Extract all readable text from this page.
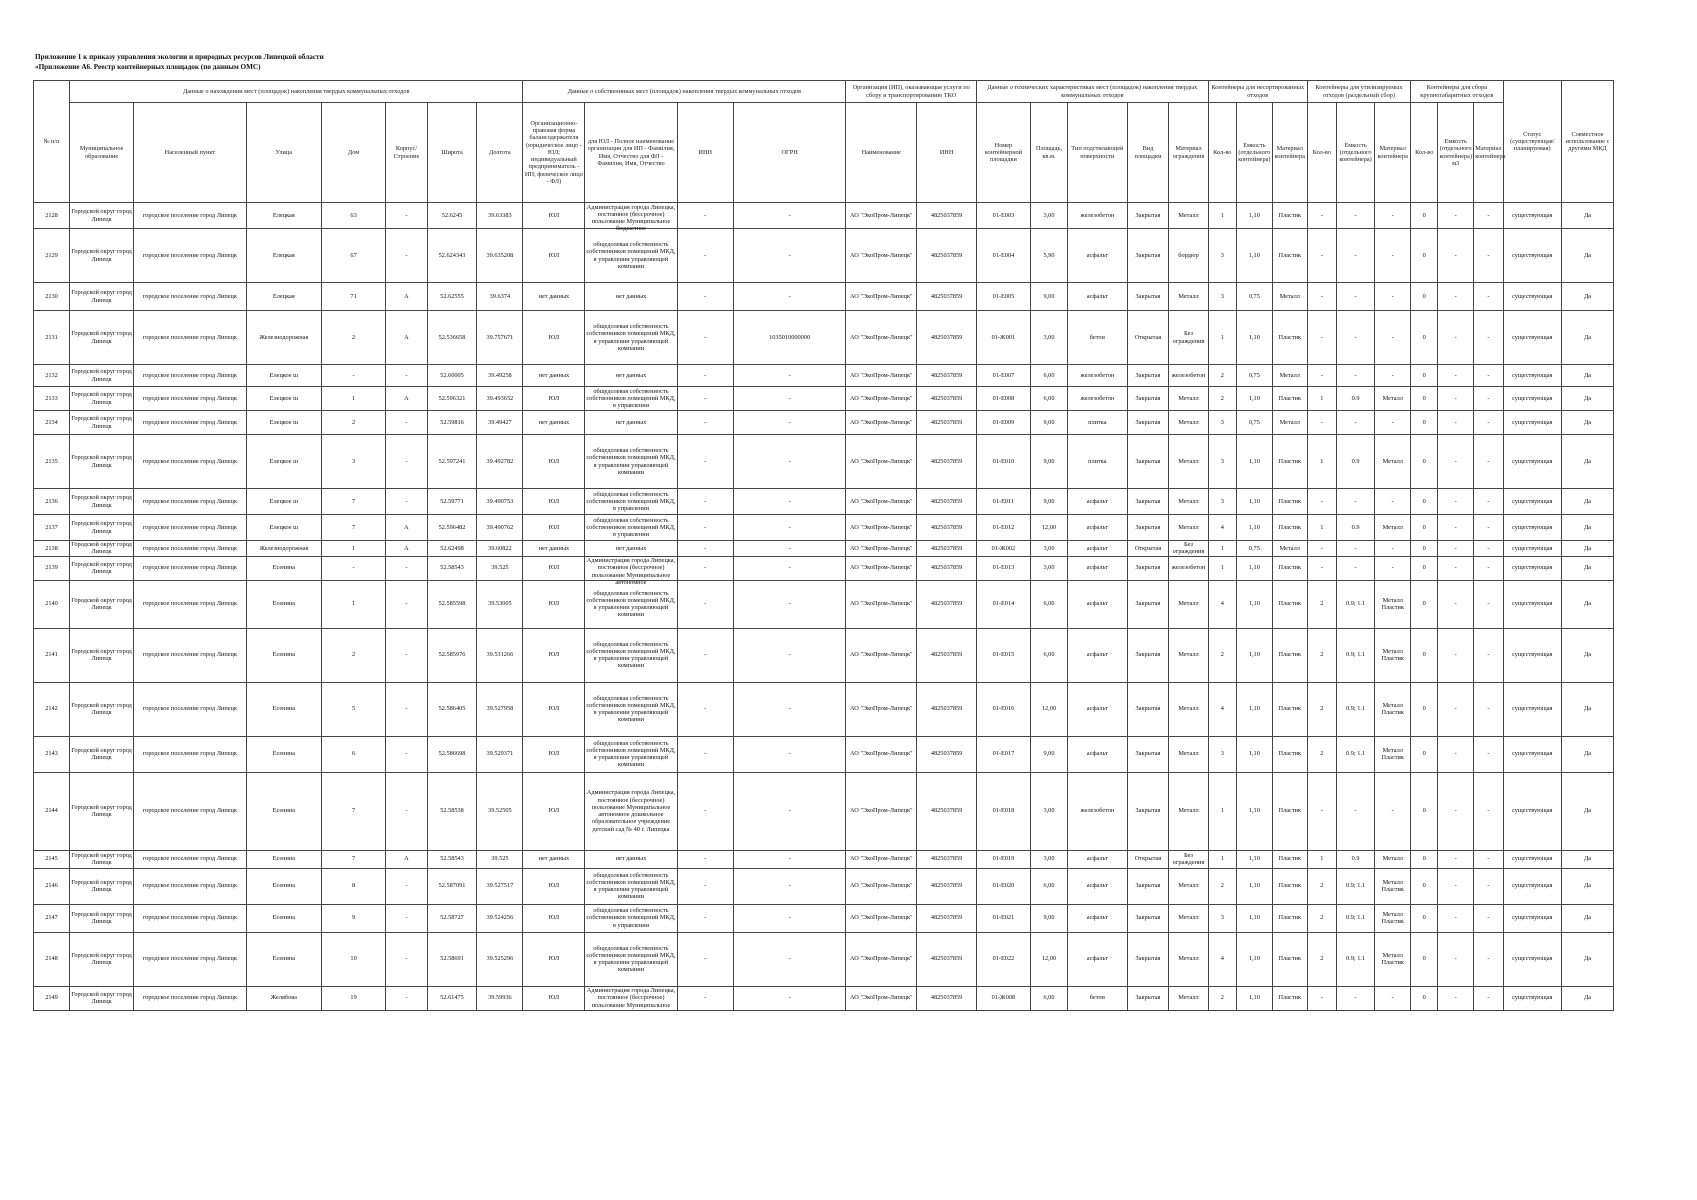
Приложение 1 к приказу управления экологии и природных ресурсов Липецкой области
«Приложение А6. Реестр контейнерных площадок (по данным ОМС)
№ п/п	Данные о нахождении мест (площадок) накопления твердых коммунальных отходов							Данные о собственниках мест (площадок) накопления твердых коммунальных отходов				Организация (ИП), оказывающая услуги по сбору и транспортированию ТКО		Данные о технических характеристиках мест (площадок) накопления твердых коммунальных отходов					Контейнеры для несортированных отходов			Контейнеры для утилизируемых отходов (раздельный сбор)			Контейнеры для сбора крупногабаритных отходов			Статус (существующая/ планируемая)	Совместное использование с другими МКД
	Муниципальное образование	Населенный пункт	Улица	Дом	Корпус/Строение	Широта	Долгота	Организационно-правовая форма балансодержателя (юридическое лицо - ЮЛ; индивидуальный предприниматель - ИП; физическое лицо - ФЛ)	для ЮЛ - Полное наименование организации для ИП - Фамилия, Имя, Отчество для ФЛ - Фамилия, Имя, Отчество	ИНН	ОГРН	Наименование	ИНН	Номер контейнерной площадки	Площадь, кв.м.	Тип подстилающей поверхности	Вид площадки	Материал ограждения	Кол-во	Емкость (отдельного контейнера)	Материал контейнера	Кол-во	Емкость (отдельного контейнера)	Материал контейнера	Кол-во	Емкость (отдельного контейнера) м3	Материал контейнера		
2128	Городской округ город Липецк	городское поселение город Липецк	Елецкая	63	-	52.6245	39.63383	ЮЛ	Администрация города Липецка, постоянное (бессрочное) пользование Муниципальное бюджетное	-	-	АО "ЭкоПром-Липецк"	4825037859	01-Е003	3,00	железобетон	Закрытая	Металл	1	1,10	Пластик	-	-	-	0	-	-	существующая	Да
2129	Городской округ город Липецк	городское поселение город Липецк	Елецкая	67	-	52.624343	39.635208	ЮЛ	общедолевая собственность собственников помещений МКД, в управлении управляющей компании	-	-	АО "ЭкоПром-Липецк"	4825037859	01-Е004	5,90	асфальт	Закрытая	бордюр	3	1,10	Пластик	-	-	-	0	-	-	существующая	Да
2130	Городской округ город Липецк	городское поселение город Липецк	Елецкая	71	А	52.62555	39.6374	нет данных	нет данных	-	-	АО "ЭкоПром-Липецк"	4825037859	01-Е005	9,00	асфальт	Закрытая	Металл	3	0,75	Металл	-	-	-	0	-	-	существующая	Да
2131	Городской округ город Липецк	городское поселение город Липецк	Железнодорожная	2	А	52.536658	39.757671	ЮЛ	общедолевая собственность собственников помещений МКД, в управлении управляющей компании	-	1035010000000	АО "ЭкоПром-Липецк"	4825037859	01-Ж001	3,00	бетон	Открытая	Без ограждения	1	1,10	Пластик	-	-	-	0	-	-	существующая	Да
2132	Городской округ город Липецк	городское поселение город Липецк	Елецкое ш	-	-	52.60005	39.49258	нет данных	нет данных	-	-	АО "ЭкоПром-Липецк"	4825037859	01-Е007	6,00	железобетон	Закрытая	железобетон	2	0,75	Металл	-	-	-	0	-	-	существующая	Да
2133	Городской округ город Липецк	городское поселение город Липецк	Елецкое ш	1	А	52.596321	39.493652	ЮЛ	общедолевая собственность собственников помещений МКД, в управлении	-	-	АО "ЭкоПром-Липецк"	4825037859	01-Е008	6,00	железобетон	Закрытая	Металл	2	1,10	Пластик	1	0.9	Металл	0	-	-	существующая	Да
2134	Городской округ город Липецк	городское поселение город Липецк	Елецкое ш	2	-	52.59816	39.49427	нет данных	нет данных	-	-	АО "ЭкоПром-Липецк"	4825037859	01-Е009	9,00	плитка	Закрытая	Металл	3	0,75	Металл	-	-	-	0	-	-	существующая	Да
2135	Городской округ город Липецк	городское поселение город Липецк	Елецкое ш	3	-	52.597241	39.492782	ЮЛ	общедолевая собственность собственников помещений МКД, в управлении управляющей компании	-	-	АО "ЭкоПром-Липецк"	4825037859	01-Е010	9,00	плитка	Закрытая	Металл	3	1,10	Пластик	1	0.9	Металл	0	-	-	существующая	Да
2136	Городской округ город Липецк	городское поселение город Липецк	Елецкое ш	7	-	52.59771	39.490753	ЮЛ	общедолевая собственность собственников помещений МКД, в управлении	-	-	АО "ЭкоПром-Липецк"	4825037859	01-Е011	9,00	асфальт	Закрытая	Металл	3	1,10	Пластик	-	-	-	0	-	-	существующая	Да
2137	Городской округ город Липецк	городское поселение город Липецк	Елецкое ш	7	А	52.596482	39.490762	ЮЛ	общедолевая собственность собственников помещений МКД, в управлении	-	-	АО "ЭкоПром-Липецк"	4825037859	01-Е012	12,00	асфальт	Закрытая	Металл	4	1,10	Пластик	1	0.9	Металл	0	-	-	существующая	Да
2138	Городской округ город Липецк	городское поселение город Липецк	Железнодорожная	1	А	52.62498	39.60822	нет данных	нет данных	-	-	АО "ЭкоПром-Липецк"	4825037859	01-Ж002	3,00	асфальт	Открытая	Без ограждения	1	0,75	Металл	-	-	-	0	-	-	существующая	Да
2139	Городской округ город Липецк	городское поселение город Липецк	Есенина	-	-	52.58543	39.525	ЮЛ	Администрация города Липецка, постоянное (бессрочное) пользование Муниципальное автономное	-	-	АО "ЭкоПром-Липецк"	4825037859	01-Е013	3,00	асфальт	Закрытая	железобетон	1	1,10	Пластик	-	-	-	0	-	-	существующая	Да
2140	Городской округ город Липецк	городское поселение город Липецк	Есенина	1	-	52.585598	39.53005	ЮЛ	общедолевая собственность собственников помещений МКД, в управлении управляющей компании	-	-	АО "ЭкоПром-Липецк"	4825037859	01-Е014	6,00	асфальт	Закрытая	Металл	4	1,10	Пластик	2	0.9; 1.1	Металл Пластик	0	-	-	существующая	Да
2141	Городской округ город Липецк	городское поселение город Липецк	Есенина	2	-	52.585976	39.531266	ЮЛ	общедолевая собственность собственников помещений МКД, в управлении управляющей компании	-	-	АО "ЭкоПром-Липецк"	4825037859	01-Е015	6,00	асфальт	Закрытая	Металл	2	1,10	Пластик	2	0.9; 1.1	Металл Пластик	0	-	-	существующая	Да
2142	Городской округ город Липецк	городское поселение город Липецк	Есенина	5	-	52.586405	39.527958	ЮЛ	общедолевая собственность собственников помещений МКД, в управлении управляющей компании	-	-	АО "ЭкоПром-Липецк"	4825037859	01-Е016	12,00	асфальт	Закрытая	Металл	4	1,10	Пластик	2	0.9; 1.1	Металл Пластик	0	-	-	существующая	Да
2143	Городской округ город Липецк	городское поселение город Липецк	Есенина	6	-	52.586698	39.529371	ЮЛ	общедолевая собственность собственников помещений МКД, в управлении управляющей компании	-	-	АО "ЭкоПром-Липецк"	4825037859	01-Е017	9,00	асфальт	Закрытая	Металл	3	1,10	Пластик	2	0.9; 1.1	Металл Пластик	0	-	-	существующая	Да
2144	Городской округ город Липецк	городское поселение город Липецк	Есенина	7	-	52.58538	39.52505	ЮЛ	Администрация города Липецка, постоянное (бессрочное) пользование Муниципальное автономное дошкольное образовательное учреждение детский сад № 40 г. Липецка	-	-	АО "ЭкоПром-Липецк"	4825037859	01-Е018	3,00	железобетон	Закрытая	Металл	1	1,10	Пластик	-	-	-	0	-	-	существующая	Да
2145	Городской округ город Липецк	городское поселение город Липецк	Есенина	7	А	52.58543	39.525	нет данных	нет данных	-	-	АО "ЭкоПром-Липецк"	4825037859	01-Е019	3,00	асфальт	Открытая	Без ограждения	1	1,10	Пластик	1	0.9	Металл	0	-	-	существующая	Да
2146	Городской округ город Липецк	городское поселение город Липецк	Есенина	8	-	52.587091	39.527517	ЮЛ	общедолевая собственность собственников помещений МКД, в управлении управляющей компании	-	-	АО "ЭкоПром-Липецк"	4825037859	01-Е020	6,00	асфальт	Закрытая	Металл	2	1,10	Пластик	2	0.9; 1.1	Металл Пластик	0	-	-	существующая	Да
2147	Городской округ город Липецк	городское поселение город Липецк	Есенина	9	-	52.58727	39.524256	ЮЛ	общедолевая собственность собственников помещений МКД, в управлении	-	-	АО "ЭкоПром-Липецк"	4825037859	01-Е021	9,00	асфальт	Закрытая	Металл	3	1,10	Пластик	2	0.9; 1.1	Металл Пластик	0	-	-	существующая	Да
2148	Городской округ город Липецк	городское поселение город Липецк	Есенина	10	-	52.58691	39.525296	ЮЛ	общедолевая собственность собственников помещений МКД, в управлении управляющей компании	-	-	АО "ЭкоПром-Липецк"	4825037859	01-Е022	12,00	асфальт	Закрытая	Металл	4	1,10	Пластик	2	0.9; 1.1	Металл Пластик	0	-	-	существующая	Да
2149	Городской округ город Липецк	городское поселение город Липецк	Желябова	19	-	52.61475	39.59936	ЮЛ	Администрация города Липецка, постоянное (бессрочное) пользование Муниципальное	-	-	АО "ЭкоПром-Липецк"	4825037859	01-Ж008	6,00	бетон	Закрытая	Металл	2	1,10	Пластик	-	-	-	0	-	-	существующая	Да
